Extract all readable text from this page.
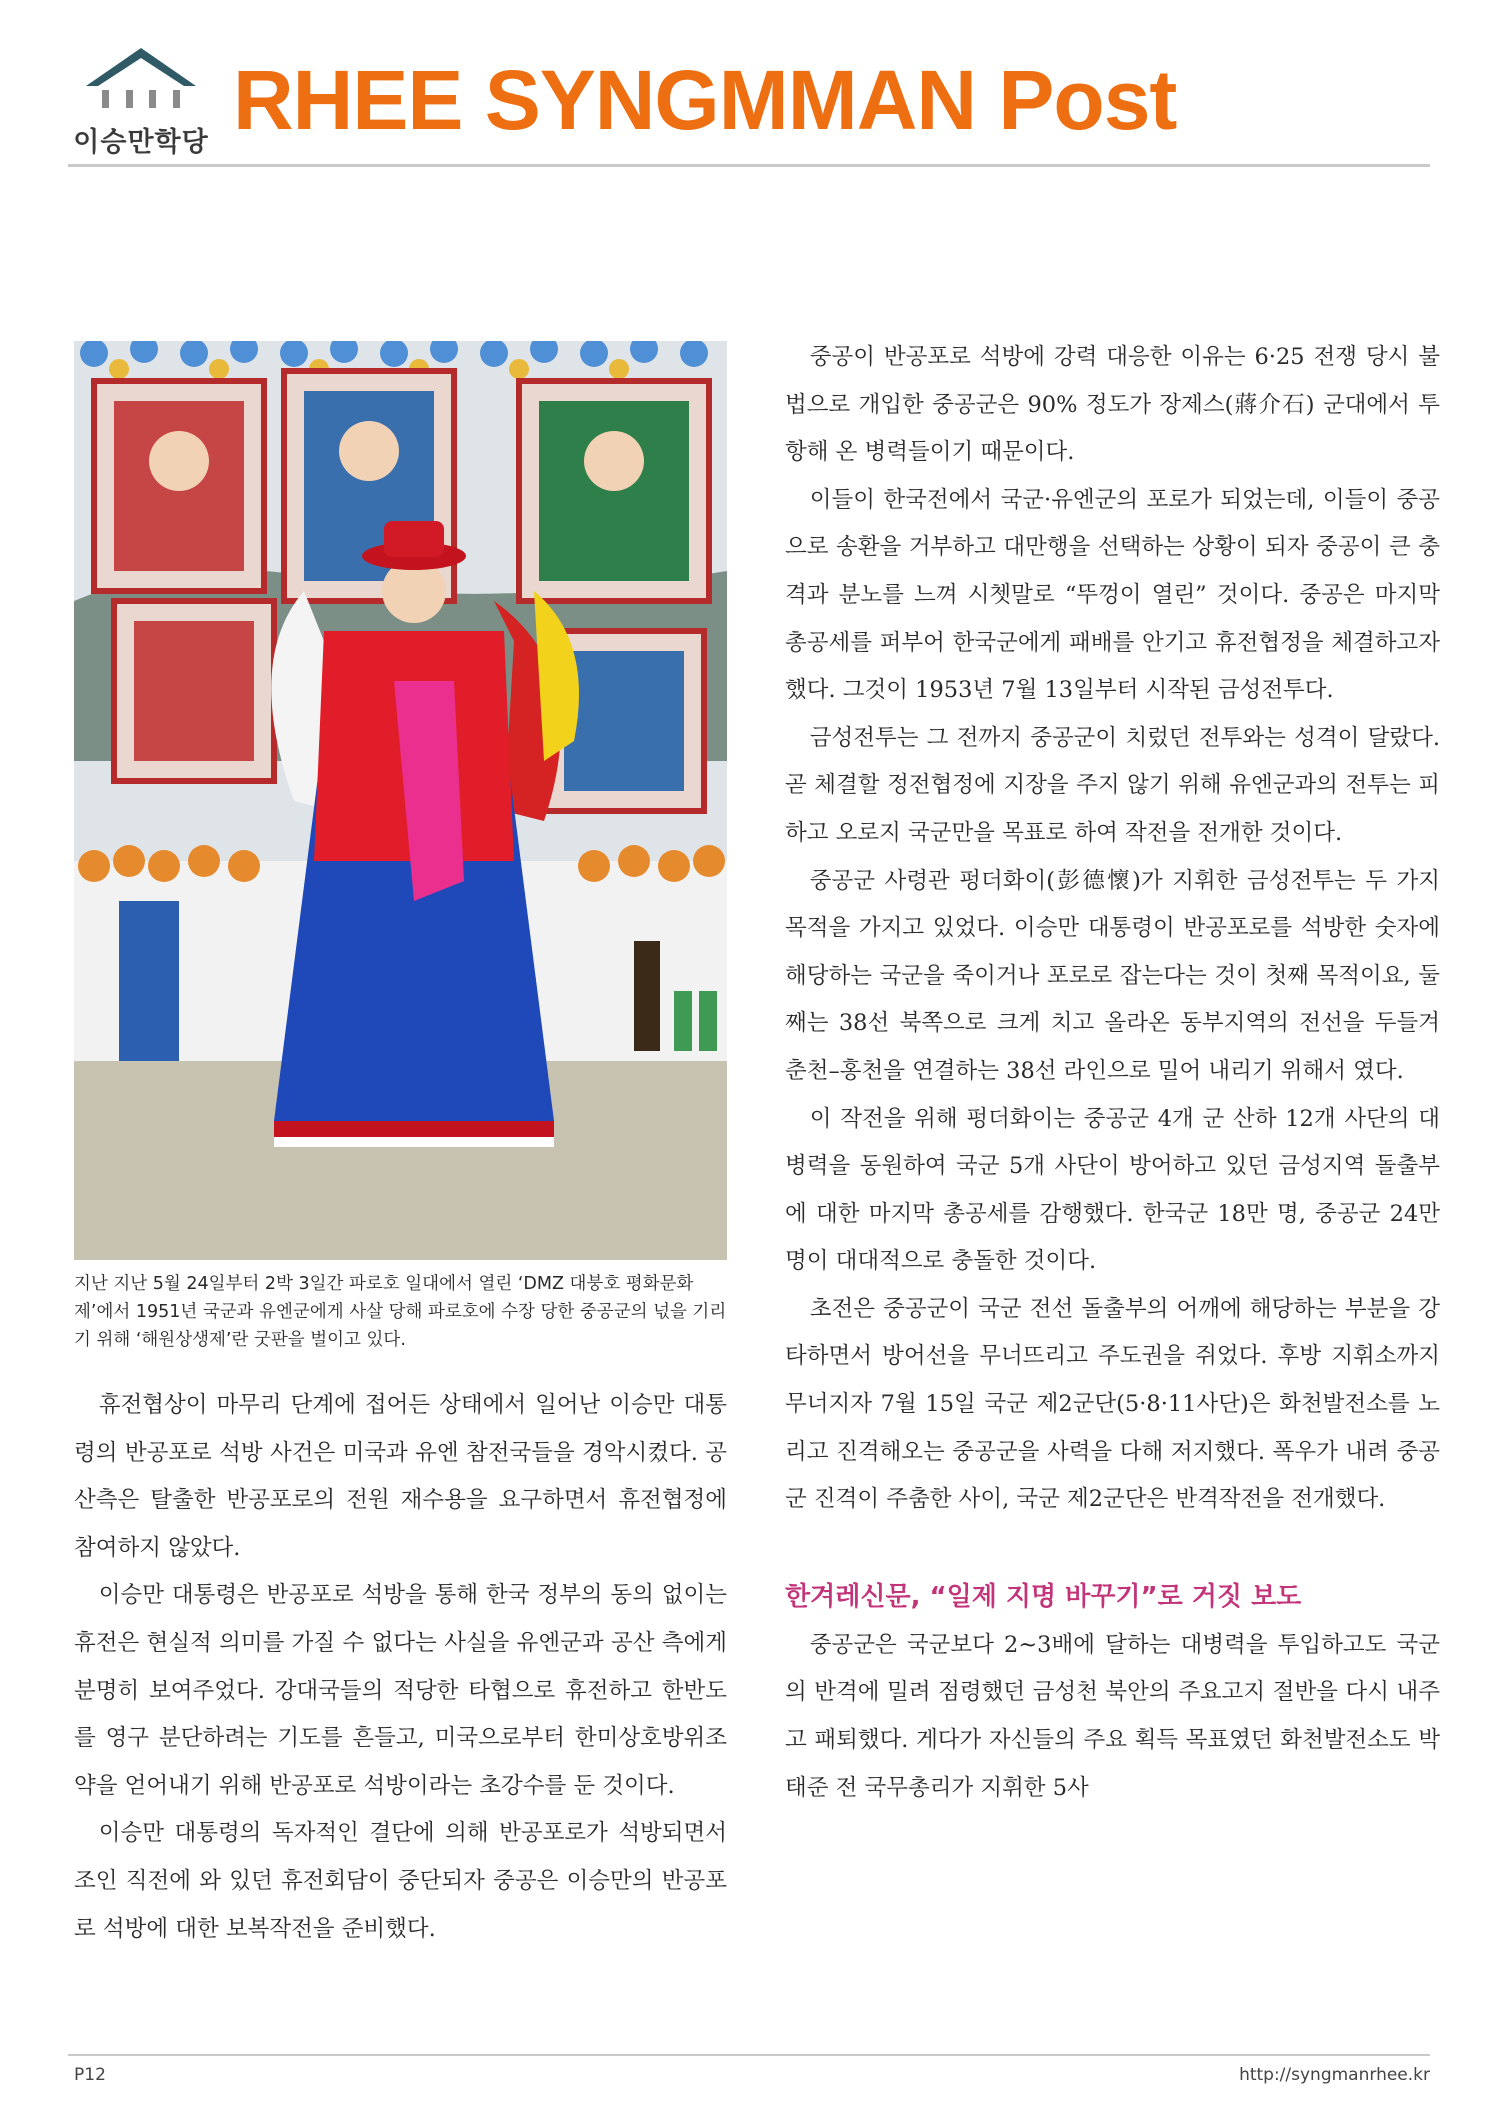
이승만학당 RHEE SYNGMMAN Post
지난 지난 5월 24일부터 2박 3일간 파로호 일대에서 열린 ‘DMZ 대붕호 평화문화제’에서 1951년 국군과 유엔군에게 사살 당해 파로호에 수장 당한 중공군의 넋을 기리기 위해 ‘해원상생제’란 굿판을 벌이고 있다.

휴전협상이 마무리 단계에 접어든 상태에서 일어난 이승만 대통령의 반공포로 석방 사건은 미국과 유엔 참전국들을 경악시켰다. 공산측은 탈출한 반공포로의 전원 재수용을 요구하면서 휴전협정에 참여하지 않았다.

이승만 대통령은 반공포로 석방을 통해 한국 정부의 동의 없이는 휴전은 현실적 의미를 가질 수 없다는 사실을 유엔군과 공산 측에게 분명히 보여주었다. 강대국들의 적당한 타협으로 휴전하고 한반도를 영구 분단하려는 기도를 흔들고, 미국으로부터 한미상호방위조약을 얻어내기 위해 반공포로 석방이라는 초강수를 둔 것이다.

이승만 대통령의 독자적인 결단에 의해 반공포로가 석방되면서 조인 직전에 와 있던 휴전회담이 중단되자 중공은 이승만의 반공포로 석방에 대한 보복작전을 준비했다.

중공이 반공포로 석방에 강력 대응한 이유는 6·25 전쟁 당시 불법으로 개입한 중공군은 90% 정도가 장제스(蔣介石) 군대에서 투항해 온 병력들이기 때문이다.

이들이 한국전에서 국군·유엔군의 포로가 되었는데, 이들이 중공으로 송환을 거부하고 대만행을 선택하는 상황이 되자 중공이 큰 충격과 분노를 느껴 시쳇말로 “뚜껑이 열린” 것이다. 중공은 마지막 총공세를 퍼부어 한국군에게 패배를 안기고 휴전협정을 체결하고자 했다. 그것이 1953년 7월 13일부터 시작된 금성전투다.

금성전투는 그 전까지 중공군이 치렀던 전투와는 성격이 달랐다. 곧 체결할 정전협정에 지장을 주지 않기 위해 유엔군과의 전투는 피하고 오로지 국군만을 목표로 하여 작전을 전개한 것이다.

중공군 사령관 펑더화이(彭德懷)가 지휘한 금성전투는 두 가지 목적을 가지고 있었다. 이승만 대통령이 반공포로를 석방한 숫자에 해당하는 국군을 죽이거나 포로로 잡는다는 것이 첫째 목적이요, 둘째는 38선 북쪽으로 크게 치고 올라온 동부지역의 전선을 두들겨 춘천–홍천을 연결하는 38선 라인으로 밀어 내리기 위해서 였다.

이 작전을 위해 펑더화이는 중공군 4개 군 산하 12개 사단의 대병력을 동원하여 국군 5개 사단이 방어하고 있던 금성지역 돌출부에 대한 마지막 총공세를 감행했다. 한국군 18만 명, 중공군 24만 명이 대대적으로 충돌한 것이다.

초전은 중공군이 국군 전선 돌출부의 어깨에 해당하는 부분을 강타하면서 방어선을 무너뜨리고 주도권을 쥐었다. 후방 지휘소까지 무너지자 7월 15일 국군 제2군단(5·8·11사단)은 화천발전소를 노리고 진격해오는 중공군을 사력을 다해 저지했다. 폭우가 내려 중공군 진격이 주춤한 사이, 국군 제2군단은 반격작전을 전개했다.

한겨레신문, “일제 지명 바꾸기”로 거짓 보도

중공군은 국군보다 2~3배에 달하는 대병력을 투입하고도 국군의 반격에 밀려 점령했던 금성천 북안의 주요고지 절반을 다시 내주고 패퇴했다. 게다가 자신들의 주요 획득 목표였던 화천발전소도 박태준 전 국무총리가 지휘한 5사

P12	http://syngmanrhee.kr
